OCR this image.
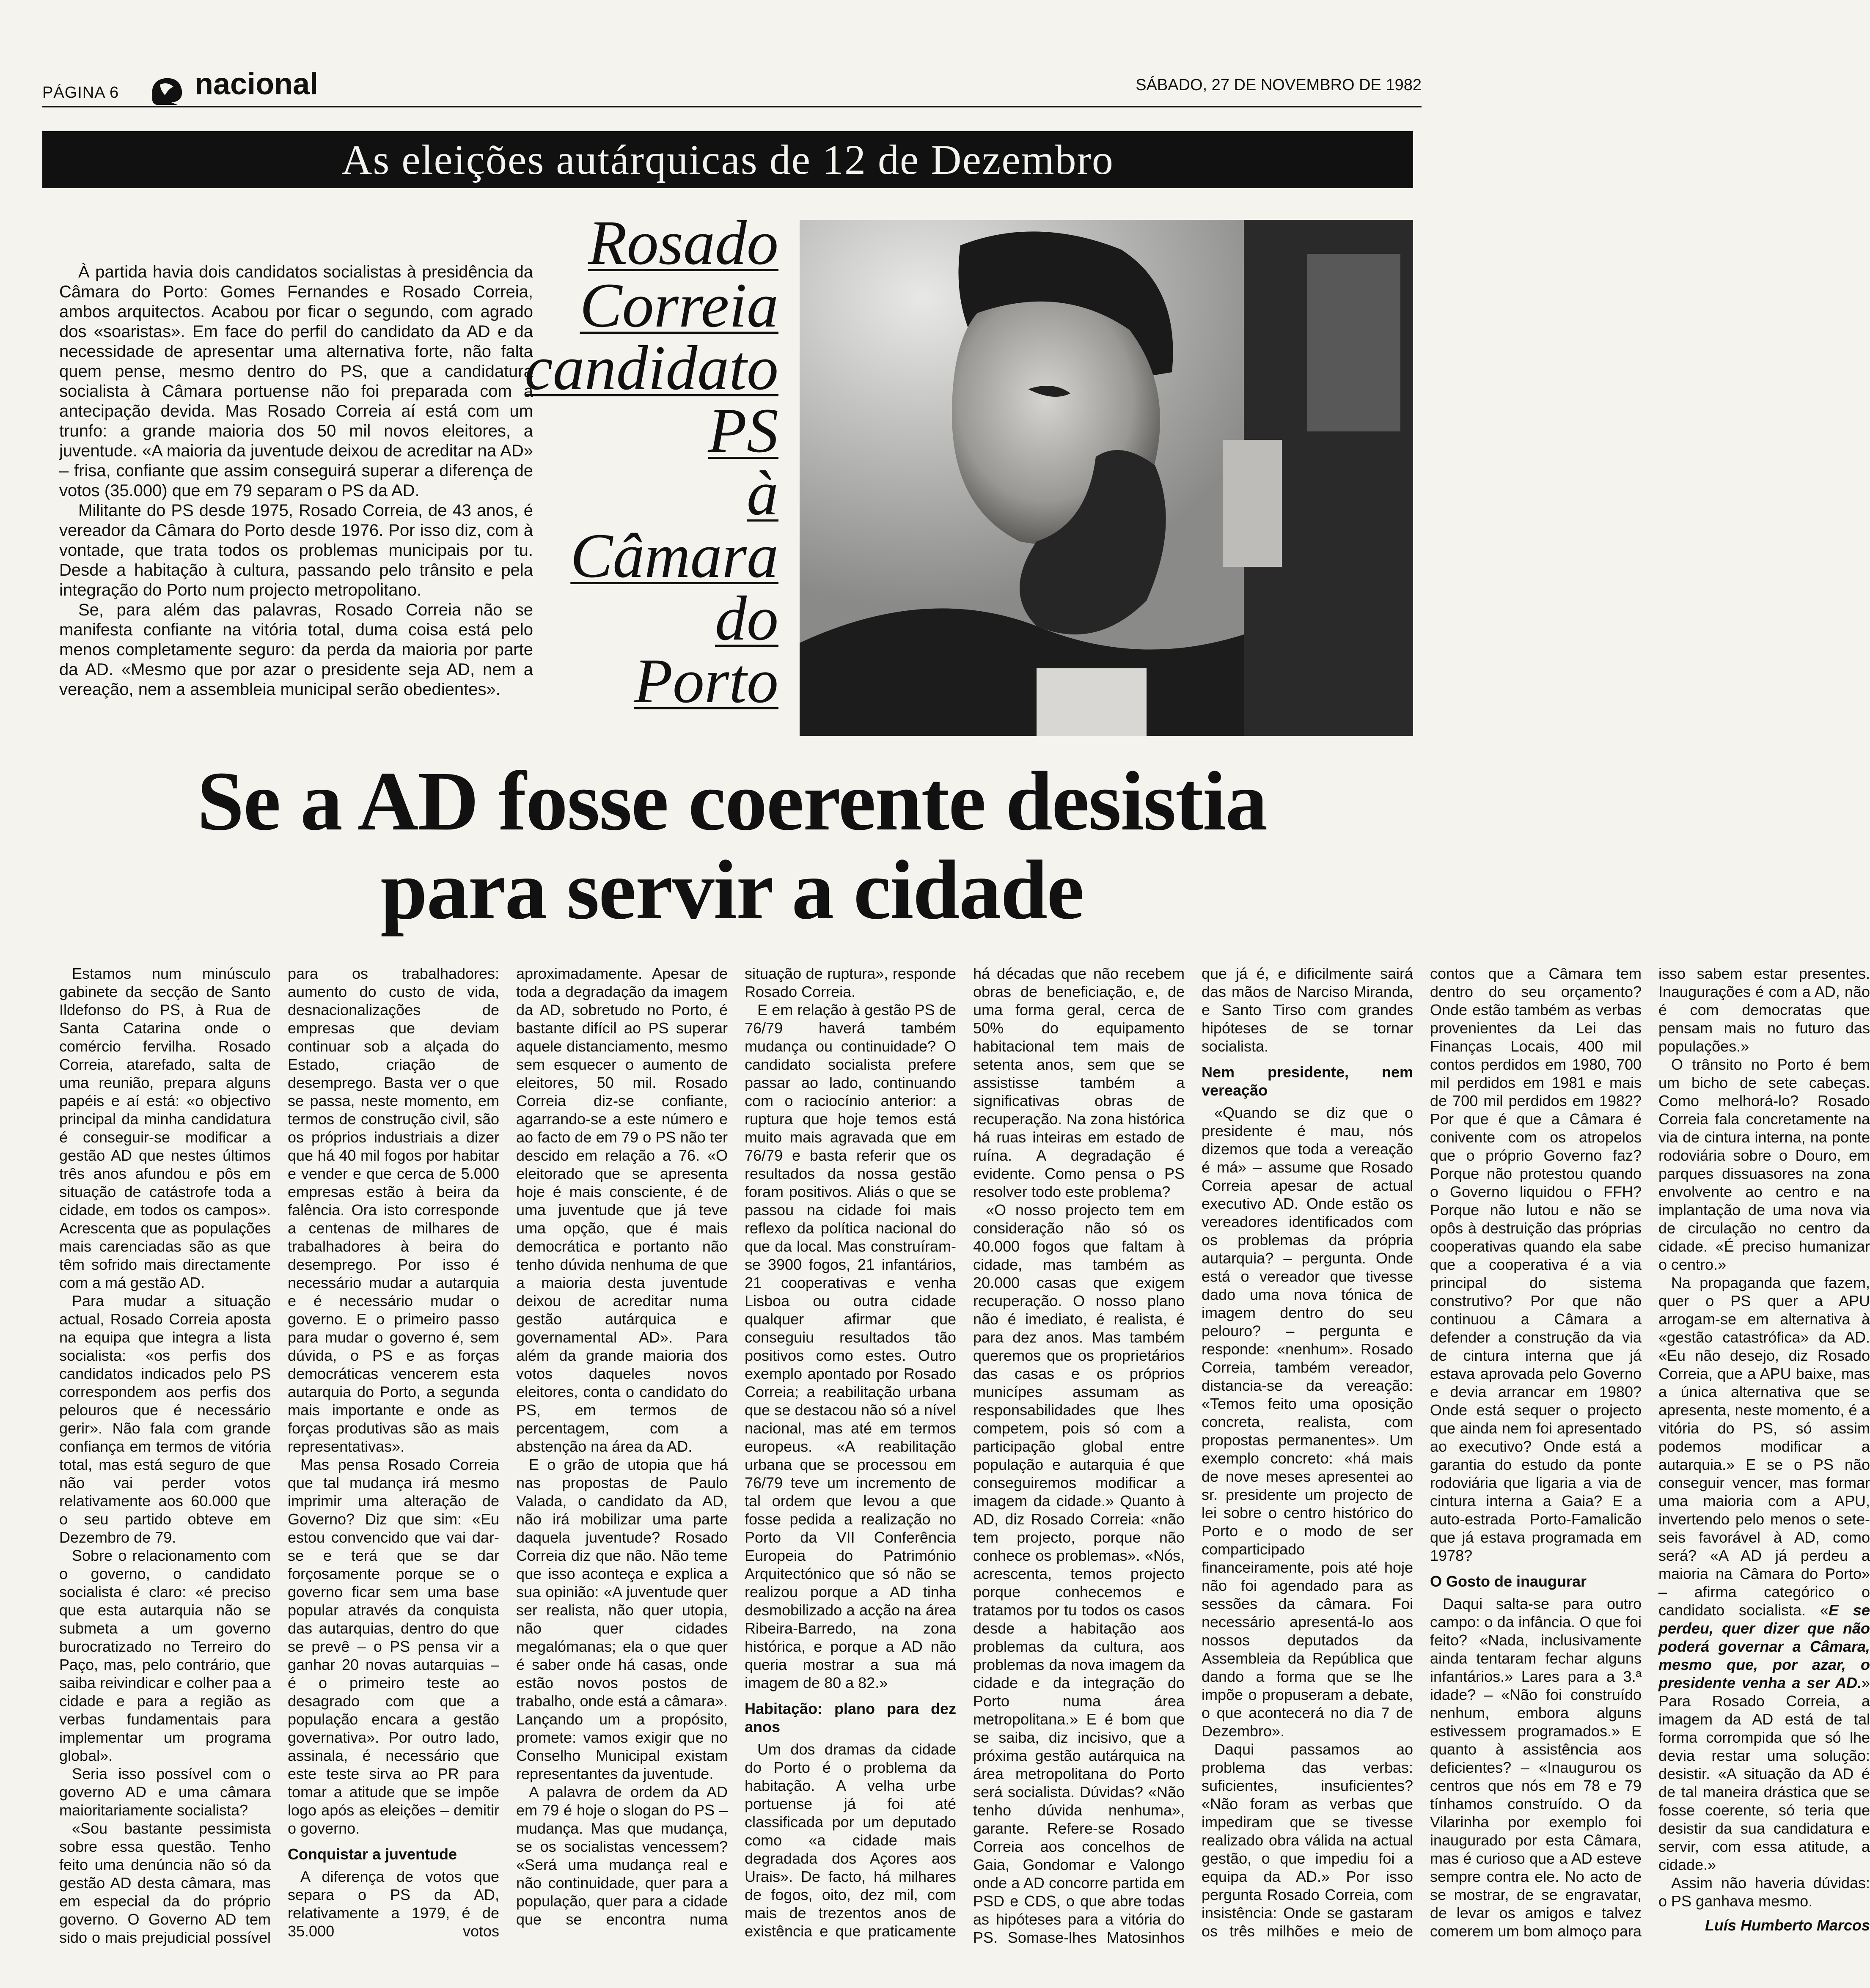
PÁGINA 6 nacional	SÁBADO, 27 DE NOVEMBRO DE 1982
As eleições autárquicas de 12 de Dezembro

À partida havia dois candidatos socialistas à presidência da Câmara do Porto: Gomes Fernandes e Rosado Correia, ambos arquitectos. Acabou por ficar o segundo, com agrado dos «soaristas». Em face do perfil do candidato da AD e da necessidade de apresentar uma alternativa forte, não falta quem pense, mesmo dentro do PS, que a candidatura socialista à Câmara portuense não foi preparada com a antecipação devida. Mas Rosado Correia aí está com um trunfo: a grande maioria dos 50 mil novos eleitores, a juventude. «A maioria da juventude deixou de acreditar na AD» – frisa, confiante que assim conseguirá superar a diferença de votos (35.000) que em 79 separam o PS da AD.

Militante do PS desde 1975, Rosado Correia, de 43 anos, é vereador da Câmara do Porto desde 1976. Por isso diz, com à vontade, que trata todos os problemas municipais por tu. Desde a habitação à cultura, passando pelo trânsito e pela integração do Porto num projecto metropolitano.

Se, para além das palavras, Rosado Correia não se manifesta confiante na vitória total, duma coisa está pelo menos completamente seguro: da perda da maioria por parte da AD. «Mesmo que por azar o presidente seja AD, nem a vereação, nem a assembleia municipal serão obedientes».

Rosado
Correia
candidato
PS
à
Câmara
do
Porto
Se a AD fosse coerente desistia
para servir a cidade

Estamos num minúsculo gabinete da secção de Santo Ildefonso do PS, à Rua de Santa Catarina onde o comércio fervilha. Rosado Correia, atarefado, salta de uma reunião, prepara alguns papéis e aí está: «o objectivo principal da minha candidatura é conseguir-se modificar a gestão AD que nestes últimos três anos afundou e pôs em situação de catástrofe toda a cidade, em todos os campos». Acrescenta que as populações mais carenciadas são as que têm sofrido mais directamente com a má gestão AD.

Para mudar a situação actual, Rosado Correia aposta na equipa que integra a lista socialista: «os perfis dos candidatos indicados pelo PS correspondem aos perfis dos pelouros que é necessário gerir». Não fala com grande confiança em termos de vitória total, mas está seguro de que não vai perder votos relativamente aos 60.000 que o seu partido obteve em Dezembro de 79.

Sobre o relacionamento com o governo, o candidato socialista é claro: «é preciso que esta autarquia não se submeta a um governo burocratizado no Terreiro do Paço, mas, pelo contrário, que saiba reivindicar e colher paa a cidade e para a região as verbas fundamentais para implementar um programa global».

Seria isso possível com o governo AD e uma câmara maioritariamente socialista?

«Sou bastante pessimista sobre essa questão. Tenho feito uma denúncia não só da gestão AD desta câmara, mas em especial da do próprio governo. O Governo AD tem sido o mais prejudicial possível para os trabalhadores: aumento do custo de vida, desnacionalizações de empresas que deviam continuar sob a alçada do Estado, criação de desemprego. Basta ver o que se passa, neste momento, em termos de construção civil, são os próprios industriais a dizer que há 40 mil fogos por habitar e vender e que cerca de 5.000 empresas estão à beira da falência. Ora isto corresponde a centenas de milhares de trabalhadores à beira do desemprego. Por isso é necessário mudar a autarquia e é necessário mudar o governo. E o primeiro passo para mudar o governo é, sem dúvida, o PS e as forças democráticas vencerem esta autarquia do Porto, a segunda mais importante e onde as forças produtivas são as mais representativas».

Mas pensa Rosado Correia que tal mudança irá mesmo imprimir uma alteração de Governo? Diz que sim: «Eu estou convencido que vai dar-se e terá que se dar forçosamente porque se o governo ficar sem uma base popular através da conquista das autarquias, dentro do que se prevê – o PS pensa vir a ganhar 20 novas autarquias – é o primeiro teste ao desagrado com que a população encara a gestão governativa». Por outro lado, assinala, é necessário que este teste sirva ao PR para tomar a atitude que se impõe logo após as eleições – demitir o governo.

Conquistar a juventude

A diferença de votos que separa o PS da AD, relativamente a 1979, é de 35.000 votos aproximadamente. Apesar de toda a degradação da imagem da AD, sobretudo no Porto, é bastante difícil ao PS superar aquele distanciamento, mesmo sem esquecer o aumento de eleitores, 50 mil. Rosado Correia diz-se confiante, agarrando-se a este número e ao facto de em 79 o PS não ter descido em relação a 76. «O eleitorado que se apresenta hoje é mais consciente, é de uma juventude que já teve uma opção, que é mais democrática e portanto não tenho dúvida nenhuma de que a maioria desta juventude deixou de acreditar numa gestão autárquica e governamental AD». Para além da grande maioria dos votos daqueles novos eleitores, conta o candidato do PS, em termos de percentagem, com a abstenção na área da AD.

E o grão de utopia que há nas propostas de Paulo Valada, o candidato da AD, não irá mobilizar uma parte daquela juventude? Rosado Correia diz que não. Não teme que isso aconteça e explica a sua opinião: «A juventude quer ser realista, não quer utopia, não quer cidades megalómanas; ela o que quer é saber onde há casas, onde estão novos postos de trabalho, onde está a câmara». Lançando um a propósito, promete: vamos exigir que no Conselho Municipal existam representantes da juventude.

A palavra de ordem da AD em 79 é hoje o slogan do PS – mudança. Mas que mudança, se os socialistas vencessem? «Será uma mudança real e não continuidade, quer para a população, quer para a cidade que se encontra numa situação de ruptura», responde Rosado Correia.

E em relação à gestão PS de 76/79 haverá também mudança ou continuidade? O candidato socialista prefere passar ao lado, continuando com o raciocínio anterior: a ruptura que hoje temos está muito mais agravada que em 76/79 e basta referir que os resultados da nossa gestão foram positivos. Aliás o que se passou na cidade foi mais reflexo da política nacional do que da local. Mas construíram-se 3900 fogos, 21 infantários, 21 cooperativas e venha Lisboa ou outra cidade qualquer afirmar que conseguiu resultados tão positivos como estes. Outro exemplo apontado por Rosado Correia; a reabilitação urbana que se destacou não só a nível nacional, mas até em termos europeus. «A reabilitação urbana que se processou em 76/79 teve um incremento de tal ordem que levou a que fosse pedida a realização no Porto da VII Conferência Europeia do Património Arquitectónico que só não se realizou porque a AD tinha desmobilizado a acção na área Ribeira-Barredo, na zona histórica, e porque a AD não queria mostrar a sua má imagem de 80 a 82.»

Habitação: plano para dez anos

Um dos dramas da cidade do Porto é o problema da habitação. A velha urbe portuense já foi até classificada por um deputado como «a cidade mais degradada dos Açores aos Urais». De facto, há milhares de fogos, oito, dez mil, com mais de trezentos anos de existência e que praticamente há décadas que não recebem obras de beneficiação, e, de uma forma geral, cerca de 50% do equipamento habitacional tem mais de setenta anos, sem que se assistisse também a significativas obras de recuperação. Na zona histórica há ruas inteiras em estado de ruína. A degradação é evidente. Como pensa o PS resolver todo este problema?

«O nosso projecto tem em consideração não só os 40.000 fogos que faltam à cidade, mas também as 20.000 casas que exigem recuperação. O nosso plano não é imediato, é realista, é para dez anos. Mas também queremos que os proprietários das casas e os próprios municípes assumam as responsabilidades que lhes competem, pois só com a participação global entre população e autarquia é que conseguiremos modificar a imagem da cidade.» Quanto à AD, diz Rosado Correia: «não tem projecto, porque não conhece os problemas». «Nós, acrescenta, temos projecto porque conhecemos e tratamos por tu todos os casos desde a habitação aos problemas da cultura, aos problemas da nova imagem da cidade e da integração do Porto numa área metropolitana.» E é bom que se saiba, diz incisivo, que a próxima gestão autárquica na área metropolitana do Porto será socialista. Dúvidas? «Não tenho dúvida nenhuma», garante. Refere-se Rosado Correia aos concelhos de Gaia, Gondomar e Valongo onde a AD concorre partida em PSD e CDS, o que abre todas as hipóteses para a vitória do PS. Somase-lhes Matosinhos que já é, e dificilmente sairá das mãos de Narciso Miranda, e Santo Tirso com grandes hipóteses de se tornar socialista.

Nem presidente, nem vereação

«Quando se diz que o presidente é mau, nós dizemos que toda a vereação é má» – assume que Rosado Correia apesar de actual executivo AD. Onde estão os vereadores identificados com os problemas da própria autarquia? – pergunta. Onde está o vereador que tivesse dado uma nova tónica de imagem dentro do seu pelouro? – pergunta e responde: «nenhum». Rosado Correia, também vereador, distancia-se da vereação: «Temos feito uma oposição concreta, realista, com propostas permanentes». Um exemplo concreto: «há mais de nove meses apresentei ao sr. presidente um projecto de lei sobre o centro histórico do Porto e o modo de ser comparticipado financeiramente, pois até hoje não foi agendado para as sessões da câmara. Foi necessário apresentá-lo aos nossos deputados da Assembleia da República que dando a forma que se lhe impõe o propuseram a debate, o que acontecerá no dia 7 de Dezembro».

Daqui passamos ao problema das verbas: suficientes, insuficientes? «Não foram as verbas que impediram que se tivesse realizado obra válida na actual gestão, o que impediu foi a equipa da AD.» Por isso pergunta Rosado Correia, com insistência: Onde se gastaram os três milhões e meio de contos que a Câmara tem dentro do seu orçamento? Onde estão também as verbas provenientes da Lei das Finanças Locais, 400 mil contos perdidos em 1980, 700 mil perdidos em 1981 e mais de 700 mil perdidos em 1982? Por que é que a Câmara é conivente com os atropelos que o próprio Governo faz? Porque não protestou quando o Governo liquidou o FFH? Porque não lutou e não se opôs à destruição das próprias cooperativas quando ela sabe que a cooperativa é a via principal do sistema construtivo? Por que não continuou a Câmara a defender a construção da via de cintura interna que já estava aprovada pelo Governo e devia arrancar em 1980? Onde está sequer o projecto que ainda nem foi apresentado ao executivo? Onde está a garantia do estudo da ponte rodoviária que ligaria a via de cintura interna a Gaia? E a auto-estrada Porto-Famalicão que já estava programada em 1978?

O Gosto de inaugurar

Daqui salta-se para outro campo: o da infância. O que foi feito? «Nada, inclusivamente ainda tentaram fechar alguns infantários.» Lares para a 3.ª idade? – «Não foi construído nenhum, embora alguns estivessem programados.» E quanto à assistência aos deficientes? – «Inaugurou os centros que nós em 78 e 79 tínhamos construído. O da Vilarinha por exemplo foi inaugurado por esta Câmara, mas é curioso que a AD esteve sempre contra ele. No acto de se mostrar, de se engravatar, de levar os amigos e talvez comerem um bom almoço para isso sabem estar presentes. Inaugurações é com a AD, não é com democratas que pensam mais no futuro das populações.»

O trânsito no Porto é bem um bicho de sete cabeças. Como melhorá-lo? Rosado Correia fala concretamente na via de cintura interna, na ponte rodoviária sobre o Douro, em parques dissuasores na zona envolvente ao centro e na implantação de uma nova via de circulação no centro da cidade. «É preciso humanizar o centro.»

Na propaganda que fazem, quer o PS quer a APU arrogam-se em alternativa à «gestão catastrófica» da AD. «Eu não desejo, diz Rosado Correia, que a APU baixe, mas a única alternativa que se apresenta, neste momento, é a vitória do PS, só assim podemos modificar a autarquia.» E se o PS não conseguir vencer, mas formar uma maioria com a APU, invertendo pelo menos o sete-seis favorável à AD, como será? «A AD já perdeu a maioria na Câmara do Porto» – afirma categórico o candidato socialista. «E se perdeu, quer dizer que não poderá governar a Câmara, mesmo que, por azar, o presidente venha a ser AD.» Para Rosado Correia, a imagem da AD está de tal forma corrompida que só lhe devia restar uma solução: desistir. «A situação da AD é de tal maneira drástica que se fosse coerente, só teria que desistir da sua candidatura e servir, com essa atitude, a cidade.»

Assim não haveria dúvidas: o PS ganhava mesmo.

Luís Humberto Marcos
